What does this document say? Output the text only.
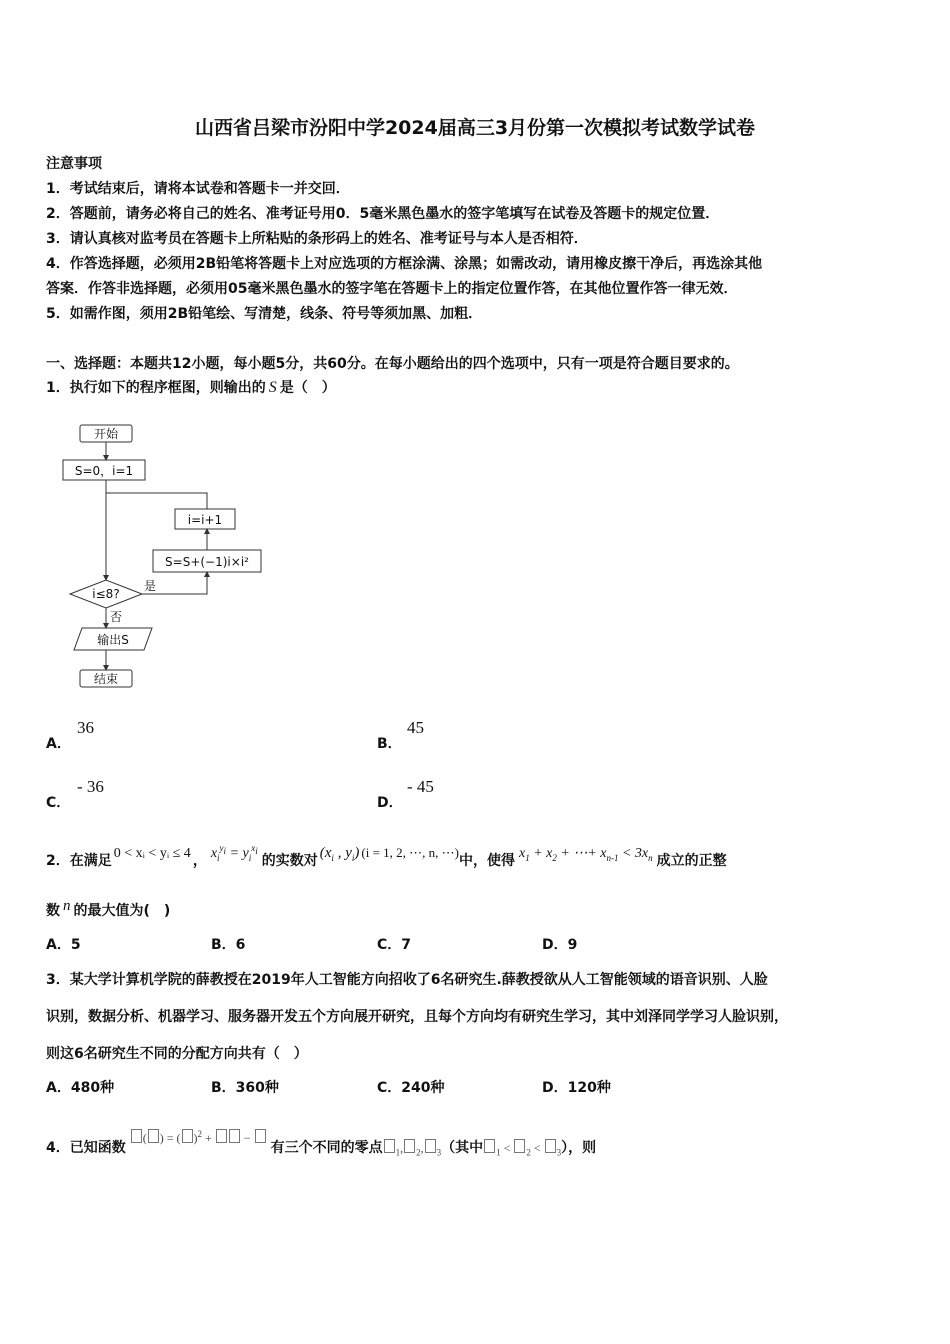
山西省吕梁市汾阳中学2024届高三3月份第一次模拟考试数学试卷
注意事项
1．考试结束后，请将本试卷和答题卡一并交回．
2．答题前，请务必将自己的姓名、准考证号用0．5毫米黑色墨水的签字笔填写在试卷及答题卡的规定位置．
3．请认真核对监考员在答题卡上所粘贴的条形码上的姓名、准考证号与本人是否相符．
4．作答选择题，必须用2B铅笔将答题卡上对应选项的方框涂满、涂黑；如需改动，请用橡皮擦干净后，再选涂其他
答案．作答非选择题，必须用05毫米黑色墨水的签字笔在答题卡上的指定位置作答，在其他位置作答一律无效．
5．如需作图，须用2B铅笔绘、写清楚，线条、符号等须加黑、加粗．
一、选择题：本题共12小题，每小题5分，共60分。在每小题给出的四个选项中，只有一项是符合题目要求的。
1．执行如下的程序框图，则输出的 S 是（　）
开始
S=0，i=1
i=i+1
S=S+(−1)i×i²
i≤8?
是
否
输出S
结束
A．
36
B．
45
C．
- 36
D．
- 45
2．在满足 0 < xᵢ < yᵢ ≤ 4 ， $x_i^{y_i} = y_i^{x_i}$的实数对 ($x_i$ , $y_i$) (i = 1, 2, ⋯, n, ⋯)中，使得 $x_1 + x_2$ + ⋯+ $x_{n-1} < 3x_n$ 成立的正整
数 n 的最大值为(　)
A．5	B．6	C．7	D．9
3．某大学计算机学院的薛教授在2019年人工智能方向招收了6名研究生.薛教授欲从人工智能领域的语音识别、人脸
识别，数据分析、机器学习、服务器开发五个方向展开研究，且每个方向均有研究生学习，其中刘泽同学学习人脸识别，
则这6名研究生不同的分配方向共有（　）
A．480种	B．360种	C．240种	D．120种
4．已知函数( ) = ( )$^2$ +  − 有三个不同的零点 $_1$, $_2$, $_3$（其中 $_1$ < $_2$ < $_3$），则
